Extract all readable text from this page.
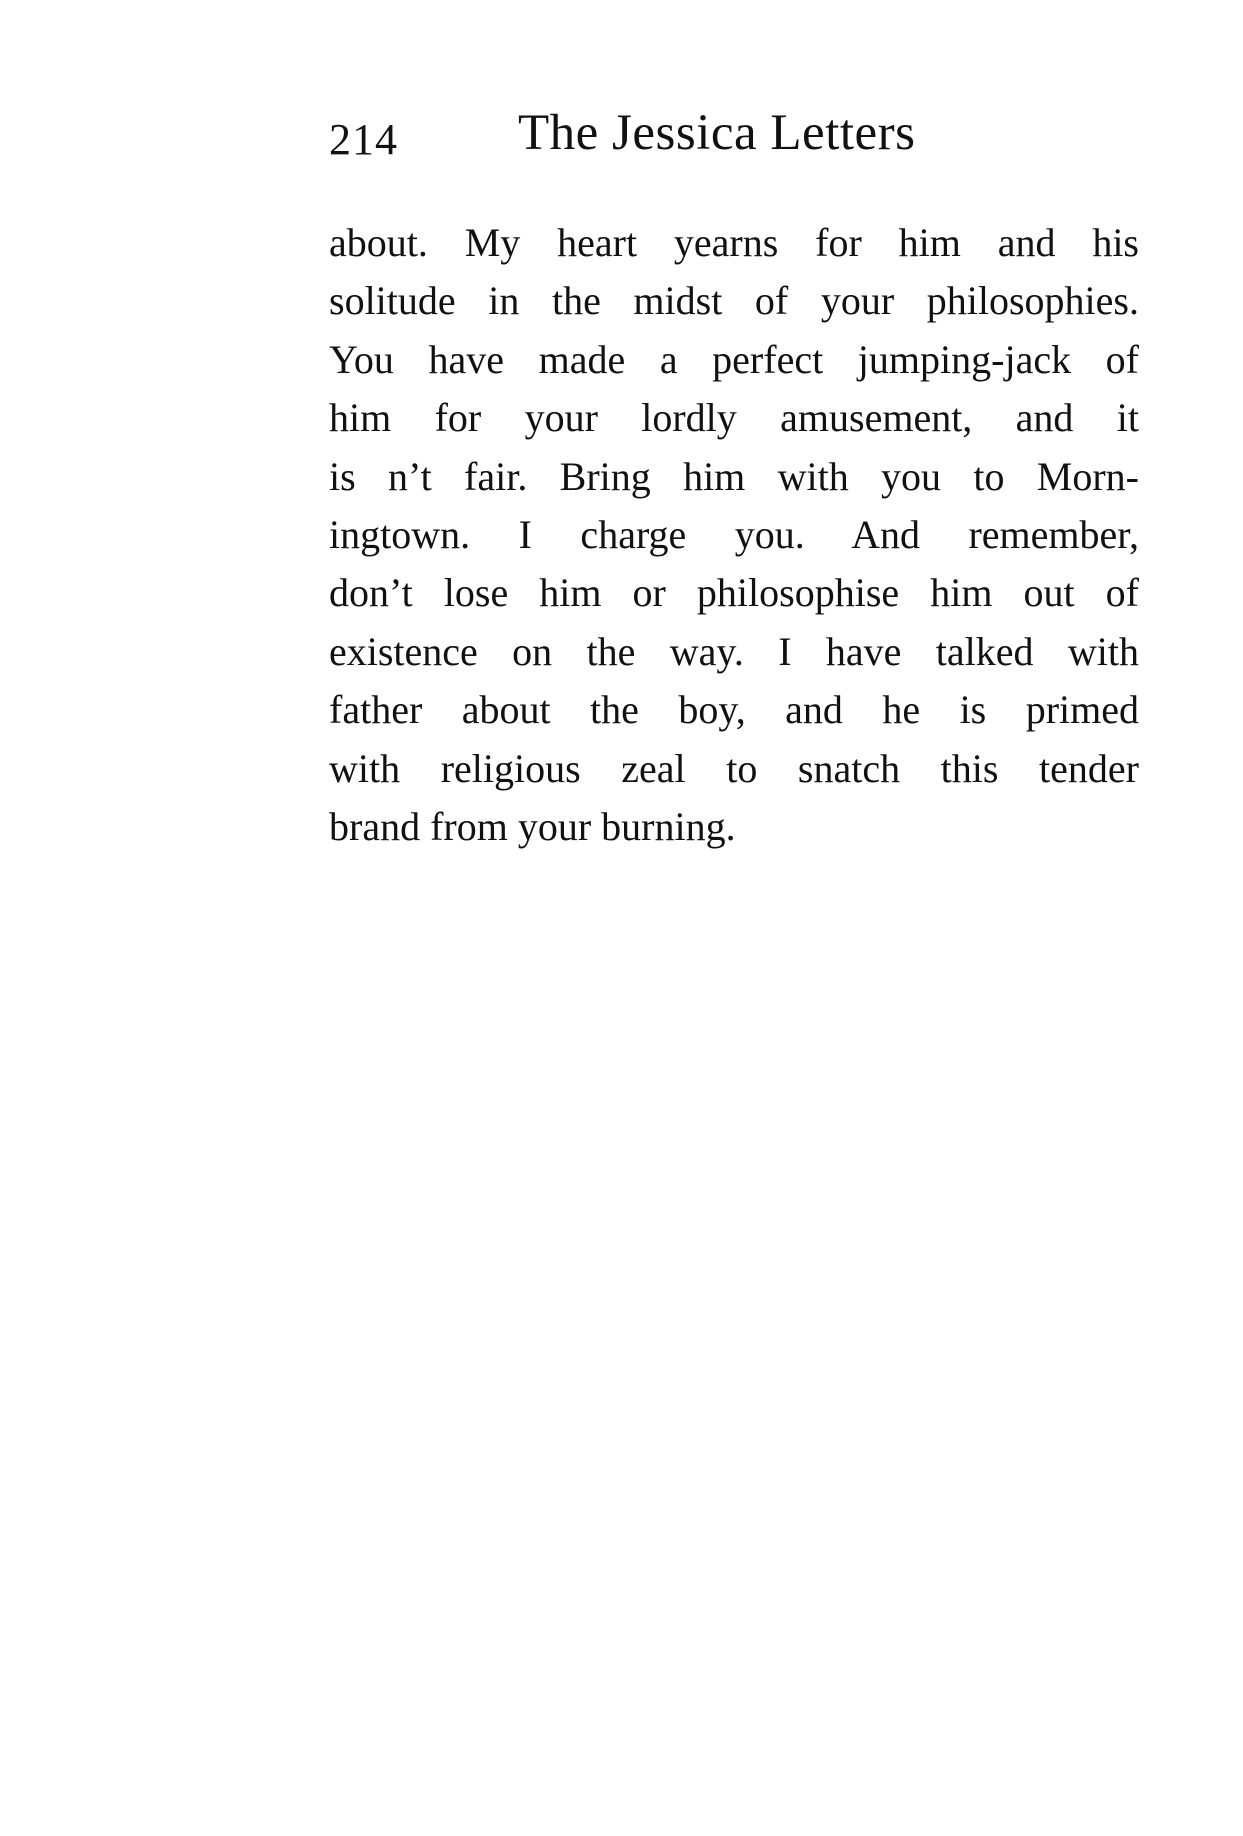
214 The Jessica Letters
about. My heart yearns for him and his
solitude in the midst of your philosophies.
You have made a perfect jumping-jack of
him for your lordly amusement, and it
is n’t fair. Bring him with you to Morn-
ingtown. I charge you. And remember,
don’t lose him or philosophise him out of
existence on the way. I have talked with
father about the boy, and he is primed
with religious zeal to snatch this tender
brand from your burning.
